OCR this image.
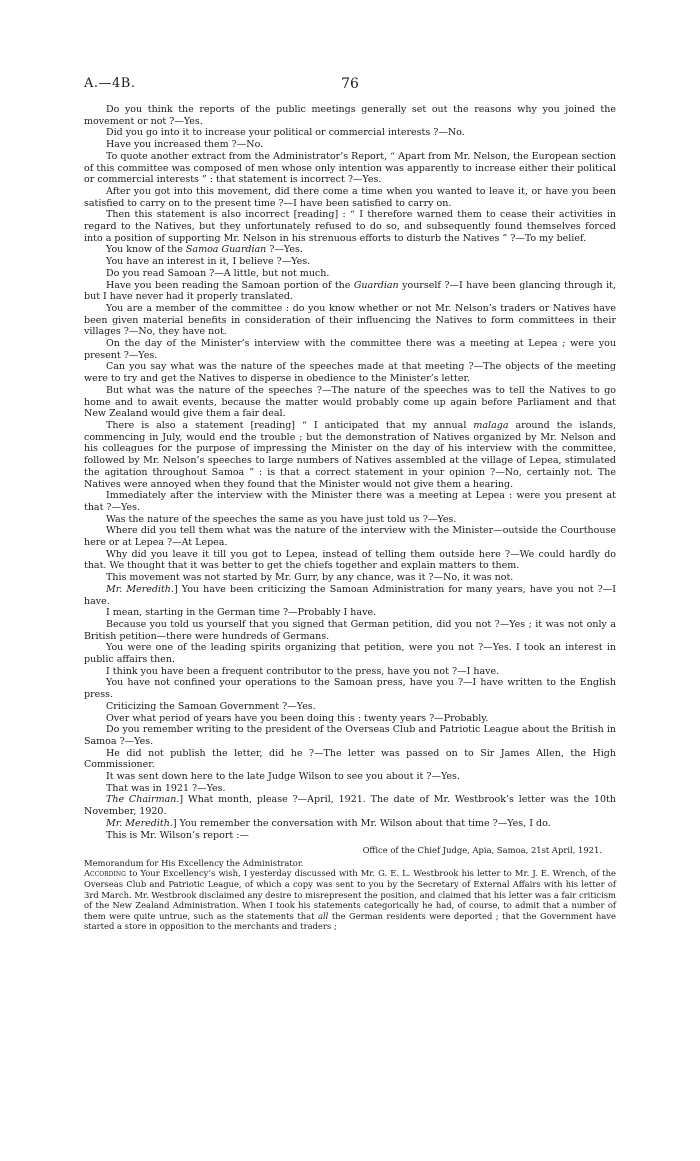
A.—4B.	76

Do you think the reports of the public meetings generally set out the reasons why you joined the movement or not ?—Yes.

Did you go into it to increase your political or commercial interests ?—No.

Have you increased them ?—No.

To quote another extract from the Administrator’s Report, “ Apart from Mr. Nelson, the European section of this committee was composed of men whose only intention was apparently to increase either their political or commercial interests ” : that statement is incorrect ?—Yes.

After you got into this movement, did there come a time when you wanted to leave it, or have you been satisfied to carry on to the present time ?—I have been satisfied to carry on.

Then this statement is also incorrect [reading] : “ I therefore warned them to cease their activities in regard to the Natives, but they unfortunately refused to do so, and subsequently found themselves forced into a position of supporting Mr. Nelson in his strenuous efforts to disturb the Natives ” ?—To my belief.

You know of the Samoa Guardian ?—Yes.

You have an interest in it, I believe ?—Yes.

Do you read Samoan ?—A little, but not much.

Have you been reading the Samoan portion of the Guardian yourself ?—I have been glancing through it, but I have never had it properly translated.

You are a member of the committee : do you know whether or not Mr. Nelson’s traders or Natives have been given material benefits in consideration of their influencing the Natives to form committees in their villages ?—No, they have not.

On the day of the Minister’s interview with the committee there was a meeting at Lepea ; were you present ?—Yes.

Can you say what was the nature of the speeches made at that meeting ?—The objects of the meeting were to try and get the Natives to disperse in obedience to the Minister’s letter.

But what was the nature of the speeches ?—The nature of the speeches was to tell the Natives to go home and to await events, because the matter would probably come up again before Parliament and that New Zealand would give them a fair deal.

There is also a statement [reading] “ I anticipated that my annual malaga around the islands, commencing in July, would end the trouble ; but the demonstration of Natives organized by Mr. Nelson and his colleagues for the purpose of impressing the Minister on the day of his interview with the committee, followed by Mr. Nelson’s speeches to large numbers of Natives assembled at the village of Lepea, stimulated the agitation throughout Samoa ” : is that a correct statement in your opinion ?—No, certainly not. The Natives were annoyed when they found that the Minister would not give them a hearing.

Immediately after the interview with the Minister there was a meeting at Lepea : were you present at that ?—Yes.

Was the nature of the speeches the same as you have just told us ?—Yes.

Where did you tell them what was the nature of the interview with the Minister—outside the Courthouse here or at Lepea ?—At Lepea.

Why did you leave it till you got to Lepea, instead of telling them outside here ?—We could hardly do that. We thought that it was better to get the chiefs together and explain matters to them.

This movement was not started by Mr. Gurr, by any chance, was it ?—No, it was not.

Mr. Meredith.] You have been criticizing the Samoan Administration for many years, have you not ?—I have.

I mean, starting in the German time ?—Probably I have.

Because you told us yourself that you signed that German petition, did you not ?—Yes ; it was not only a British petition—there were hundreds of Germans.

You were one of the leading spirits organizing that petition, were you not ?—Yes. I took an interest in public affairs then.

I think you have been a frequent contributor to the press, have you not ?—I have.

You have not confined your operations to the Samoan press, have you ?—I have written to the English press.

Criticizing the Samoan Government ?—Yes.

Over what period of years have you been doing this : twenty years ?—Probably.

Do you remember writing to the president of the Overseas Club and Patriotic League about the British in Samoa ?—Yes.

He did not publish the letter, did he ?—The letter was passed on to Sir James Allen, the High Commissioner.

It was sent down here to the late Judge Wilson to see you about it ?—Yes.

That was in 1921 ?—Yes.

The Chairman.] What month, please ?—April, 1921. The date of Mr. Westbrook’s letter was the 10th November, 1920.

Mr. Meredith.] You remember the conversation with Mr. Wilson about that time ?—Yes, I do.

This is Mr. Wilson’s report :—

Office of the Chief Judge, Apia, Samoa, 21st April, 1921.

Memorandum for His Excellency the Administrator.

According to Your Excellency’s wish, I yesterday discussed with Mr. G. E. L. Westbrook his letter to Mr. J. E. Wrench, of the Overseas Club and Patriotic League, of which a copy was sent to you by the Secretary of External Affairs with his letter of 3rd March. Mr. Westbrook disclaimed any desire to misrepresent the position, and claimed that his letter was a fair criticism of the New Zealand Administration. When I took his statements categorically he had, of course, to admit that a number of them were quite untrue, such as the statements that all the German residents were deported ; that the Government have started a store in opposition to the merchants and traders ;
